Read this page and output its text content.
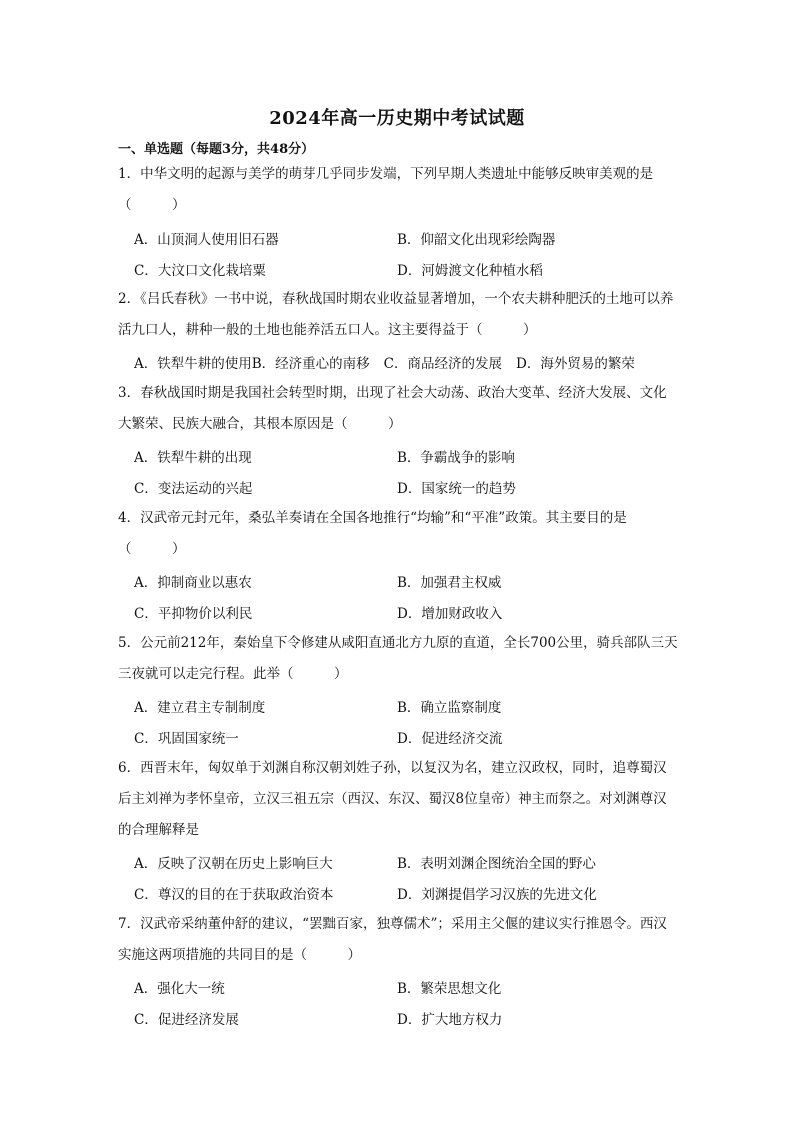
2024年高一历史期中考试试题
一、单选题（每题3分，共48分）
1．中华文明的起源与美学的萌芽几乎同步发端，下列早期人类遗址中能够反映审美观的是（　　　）
A．山顶洞人使用旧石器	B．仰韶文化出现彩绘陶器
C．大汶口文化栽培粟	D．河姆渡文化种植水稻
2．《吕氏春秋》一书中说，春秋战国时期农业收益显著增加，一个农夫耕种肥沃的土地可以养活九口人，耕种一般的土地也能养活五口人。这主要得益于（　　　）
A．铁犁牛耕的使用 B．经济重心的南移 C．商品经济的发展 D．海外贸易的繁荣
3．春秋战国时期是我国社会转型时期，出现了社会大动荡、政治大变革、经济大发展、文化大繁荣、民族大融合，其根本原因是（　　　）
A．铁犁牛耕的出现	B．争霸战争的影响
C．变法运动的兴起	D．国家统一的趋势
4．汉武帝元封元年，桑弘羊奏请在全国各地推行“均输”和“平准”政策。其主要目的是（　　　）
A．抑制商业以惠农	B．加强君主权威
C．平抑物价以利民	D．增加财政收入
5．公元前212年，秦始皇下令修建从咸阳直通北方九原的直道，全长700公里，骑兵部队三天三夜就可以走完行程。此举（　　　）
A．建立君主专制制度	B．确立监察制度
C．巩固国家统一	D．促进经济交流
6．西晋末年，匈奴单于刘渊自称汉朝刘姓子孙，以复汉为名，建立汉政权，同时，追尊蜀汉后主刘禅为孝怀皇帝，立汉三祖五宗（西汉、东汉、蜀汉8位皇帝）神主而祭之。对刘渊尊汉的合理解释是
A．反映了汉朝在历史上影响巨大	B．表明刘渊企图统治全国的野心
C．尊汉的目的在于获取政治资本	D．刘渊提倡学习汉族的先进文化
7．汉武帝采纳董仲舒的建议，“罢黜百家，独尊儒术”；采用主父偃的建议实行推恩令。西汉实施这两项措施的共同目的是（　　　）
A．强化大一统	B．繁荣思想文化
C．促进经济发展	D．扩大地方权力
